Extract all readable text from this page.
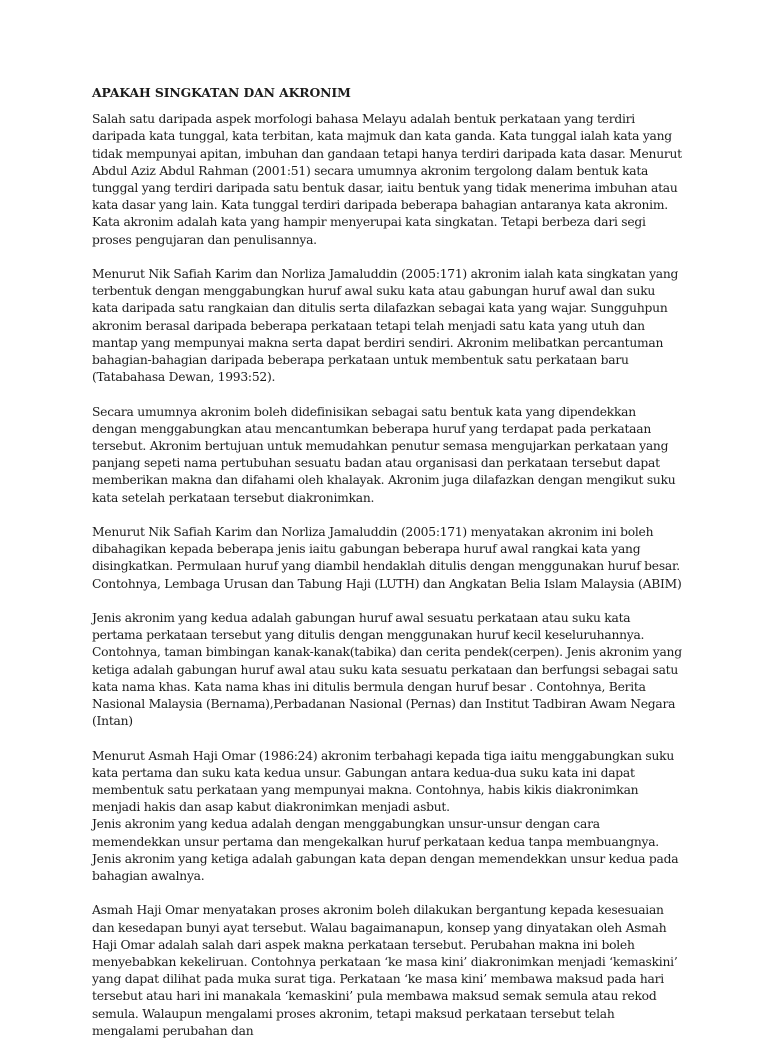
APAKAH SINGKATAN DAN AKRONIM

Salah satu daripada aspek morfologi bahasa Melayu adalah bentuk perkataan yang terdiri daripada kata tunggal, kata terbitan, kata majmuk dan kata ganda. Kata tunggal ialah kata yang tidak mempunyai apitan, imbuhan dan gandaan tetapi hanya terdiri daripada kata dasar. Menurut Abdul Aziz Abdul Rahman (2001:51) secara umumnya akronim tergolong dalam bentuk kata tunggal yang terdiri daripada satu bentuk dasar, iaitu bentuk yang tidak menerima imbuhan atau kata dasar yang lain. Kata tunggal terdiri daripada beberapa bahagian antaranya kata akronim. Kata akronim adalah kata yang hampir menyerupai kata singkatan. Tetapi berbeza dari segi proses pengujaran dan penulisannya.

Menurut Nik Safiah Karim dan Norliza Jamaluddin (2005:171) akronim ialah kata singkatan yang terbentuk dengan menggabungkan huruf awal suku kata atau gabungan huruf awal dan suku kata daripada satu rangkaian dan ditulis serta dilafazkan sebagai kata yang wajar. Sungguhpun akronim berasal daripada beberapa perkataan tetapi telah menjadi satu kata yang utuh dan mantap yang mempunyai makna serta dapat berdiri sendiri. Akronim melibatkan percantuman bahagian-bahagian daripada beberapa perkataan untuk membentuk satu perkataan baru (Tatabahasa Dewan, 1993:52).

Secara umumnya akronim boleh didefinisikan sebagai satu bentuk kata yang dipendekkan dengan menggabungkan atau mencantumkan beberapa huruf yang terdapat pada perkataan tersebut. Akronim bertujuan untuk memudahkan penutur semasa mengujarkan perkataan yang panjang sepeti nama pertubuhan sesuatu badan atau organisasi dan perkataan tersebut dapat memberikan makna dan difahami oleh khalayak. Akronim juga dilafazkan dengan mengikut suku kata setelah perkataan tersebut diakronimkan.

Menurut Nik Safiah Karim dan Norliza Jamaluddin (2005:171) menyatakan akronim ini boleh dibahagikan kepada beberapa jenis iaitu gabungan beberapa huruf awal rangkai kata yang disingkatkan. Permulaan huruf yang diambil hendaklah ditulis dengan menggunakan huruf besar. Contohnya, Lembaga Urusan dan Tabung Haji (LUTH) dan Angkatan Belia Islam Malaysia (ABIM)

Jenis akronim yang kedua adalah gabungan huruf awal sesuatu perkataan atau suku kata pertama perkataan tersebut yang ditulis dengan menggunakan huruf kecil keseluruhannya. Contohnya, taman bimbingan kanak-kanak(tabika) dan cerita pendek(cerpen). Jenis akronim yang ketiga adalah gabungan huruf awal atau suku kata sesuatu perkataan dan berfungsi sebagai satu kata nama khas. Kata nama khas ini ditulis bermula dengan huruf besar . Contohnya, Berita Nasional Malaysia (Bernama),Perbadanan Nasional (Pernas) dan Institut Tadbiran Awam Negara (Intan)

Menurut Asmah Haji Omar (1986:24) akronim terbahagi kepada tiga iaitu menggabungkan suku kata pertama dan suku kata kedua unsur. Gabungan antara kedua-dua suku kata ini dapat membentuk satu perkataan yang mempunyai makna. Contohnya, habis kikis diakronimkan menjadi hakis dan asap kabut diakronimkan menjadi asbut.

Jenis akronim yang kedua adalah dengan menggabungkan unsur-unsur dengan cara memendekkan unsur pertama dan mengekalkan huruf perkataan kedua tanpa membuangnya.

Jenis akronim yang ketiga adalah gabungan kata depan dengan memendekkan unsur kedua pada bahagian awalnya.

Asmah Haji Omar menyatakan proses akronim boleh dilakukan bergantung kepada kesesuaian dan kesedapan bunyi ayat tersebut. Walau bagaimanapun, konsep yang dinyatakan oleh Asmah Haji Omar adalah salah dari aspek makna perkataan tersebut. Perubahan makna ini boleh menyebabkan kekeliruan. Contohnya perkataan ‘ke masa kini’ diakronimkan menjadi ‘kemaskini’ yang dapat dilihat pada muka surat tiga. Perkataan ‘ke masa kini’ membawa maksud pada hari tersebut atau hari ini manakala ‘kemaskini’ pula membawa maksud semak semula atau rekod semula. Walaupun mengalami proses akronim, tetapi maksud perkataan tersebut telah mengalami perubahan dan
